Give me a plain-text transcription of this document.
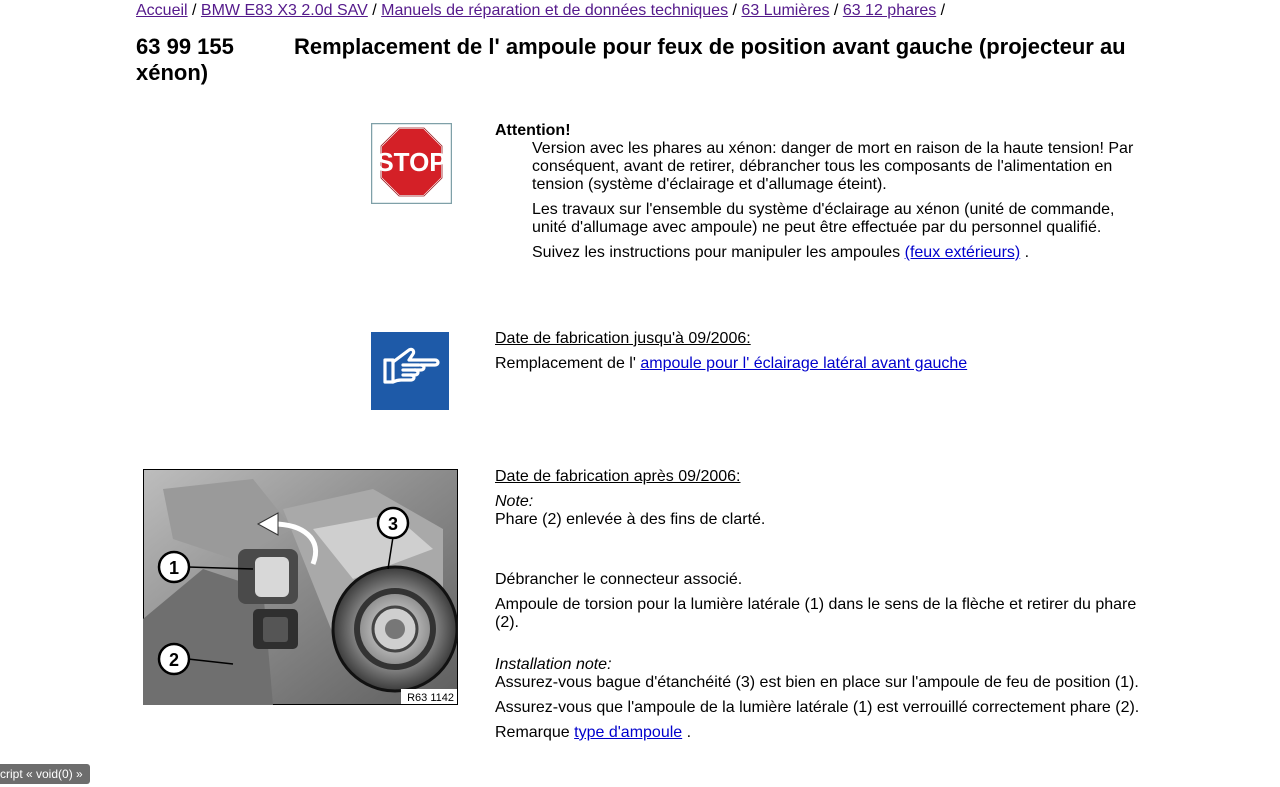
Accueil / BMW E83 X3 2.0d SAV / Manuels de réparation et de données techniques / 63 Lumières / 63 12 phares /
63 99 155	Remplacement de l' ampoule pour feux de position avant gauche (projecteur au xénon)
STOP
Attention!

Version avec les phares au xénon: danger de mort en raison de la haute tension! Par conséquent, avant de retirer, débrancher tous les composants de l'alimentation en tension (système d'éclairage et d'allumage éteint).

Les travaux sur l'ensemble du système d'éclairage au xénon (unité de commande, unité d'allumage avec ampoule) ne peut être effectuée par du personnel qualifié.

Suivez les instructions pour manipuler les ampoules (feux extérieurs) .

Date de fabrication jusqu'à 09/2006:

Remplacement de l' ampoule pour l' éclairage latéral avant gauche

1
2
3
R63 1142

Date de fabrication après 09/2006:

Note:

Phare (2) enlevée à des fins de clarté.

Débrancher le connecteur associé.

Ampoule de torsion pour la lumière latérale (1) dans le sens de la flèche et retirer du phare (2).

Installation note:

Assurez-vous bague d'étanchéité (3) est bien en place sur l'ampoule de feu de position (1).

Assurez-vous que l'ampoule de la lumière latérale (1) est verrouillé correctement phare (2).

Remarque type d'ampoule .

cript « void(0) »
